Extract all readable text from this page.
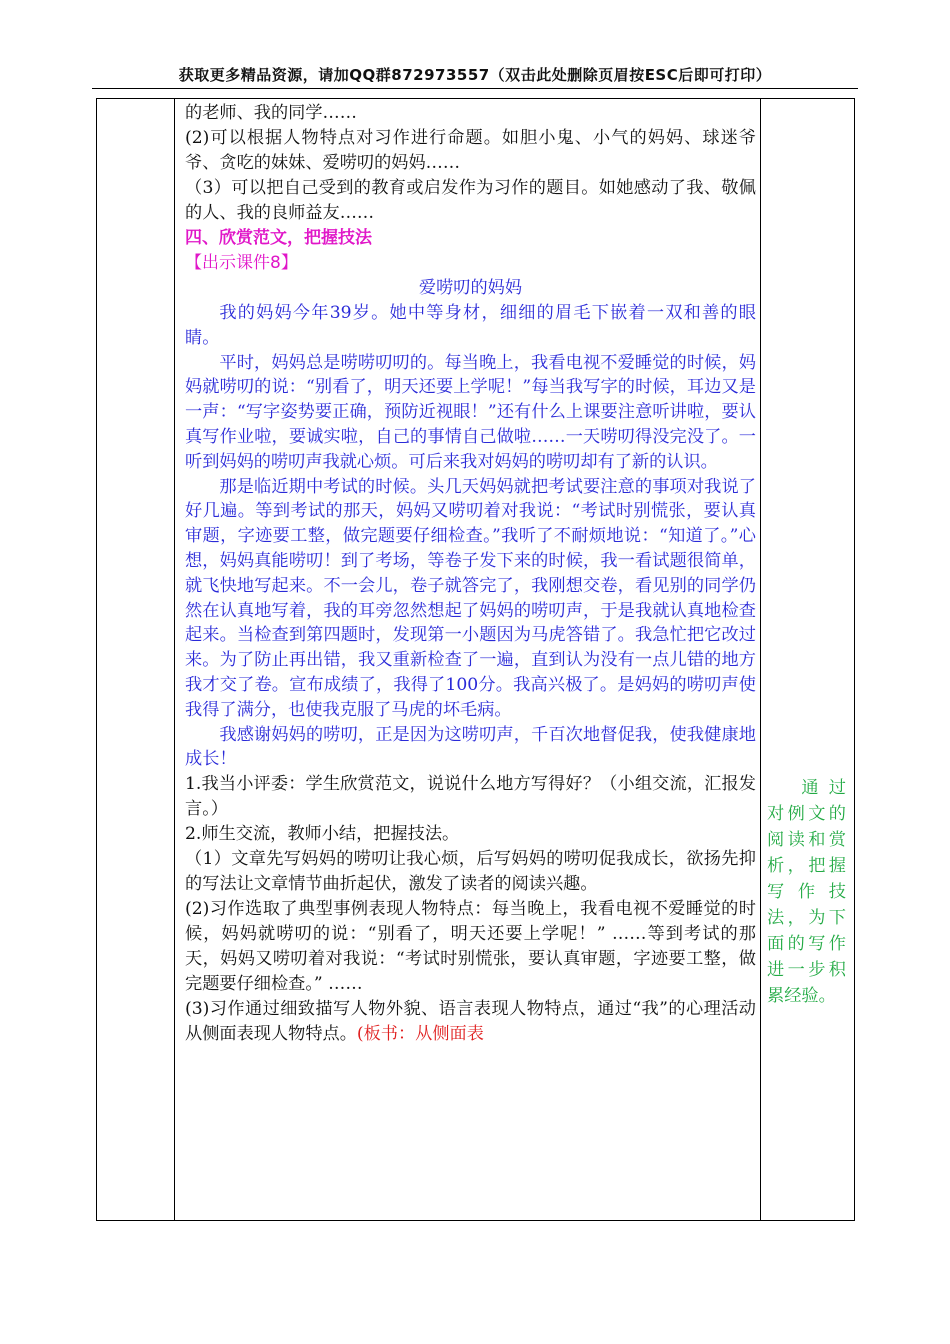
获取更多精品资源，请加QQ群872973557（双击此处删除页眉按ESC后即可打印）

的老师、我的同学……

(2)可以根据人物特点对习作进行命题。如胆小鬼、小气的妈妈、球迷爷爷、贪吃的妹妹、爱唠叨的妈妈……

（3）可以把自己受到的教育或启发作为习作的题目。如她感动了我、敬佩的人、我的良师益友……

四、欣赏范文，把握技法

【出示课件8】

爱唠叨的妈妈

我的妈妈今年39岁。她中等身材，细细的眉毛下嵌着一双和善的眼睛。

平时，妈妈总是唠唠叨叨的。每当晚上，我看电视不爱睡觉的时候，妈妈就唠叨的说：“别看了，明天还要上学呢！”每当我写字的时候，耳边又是一声：“写字姿势要正确，预防近视眼！”还有什么上课要注意听讲啦，要认真写作业啦，要诚实啦，自己的事情自己做啦……一天唠叨得没完没了。一听到妈妈的唠叨声我就心烦。可后来我对妈妈的唠叨却有了新的认识。

那是临近期中考试的时候。头几天妈妈就把考试要注意的事项对我说了好几遍。等到考试的那天，妈妈又唠叨着对我说：“考试时别慌张，要认真审题，字迹要工整，做完题要仔细检查。”我听了不耐烦地说：“知道了。”心想，妈妈真能唠叨！到了考场，等卷子发下来的时候，我一看试题很简单，就飞快地写起来。不一会儿，卷子就答完了，我刚想交卷，看见别的同学仍然在认真地写着，我的耳旁忽然想起了妈妈的唠叨声，于是我就认真地检查起来。当检查到第四题时，发现第一小题因为马虎答错了。我急忙把它改过来。为了防止再出错，我又重新检查了一遍，直到认为没有一点儿错的地方我才交了卷。宣布成绩了，我得了100分。我高兴极了。是妈妈的唠叨声使我得了满分，也使我克服了马虎的坏毛病。

我感谢妈妈的唠叨，正是因为这唠叨声，千百次地督促我，使我健康地成长！

1.我当小评委：学生欣赏范文，说说什么地方写得好？（小组交流，汇报发言。）

2.师生交流，教师小结，把握技法。

（1）文章先写妈妈的唠叨让我心烦，后写妈妈的唠叨促我成长，欲扬先抑的写法让文章情节曲折起伏，激发了读者的阅读兴趣。

(2)习作选取了典型事例表现人物特点：每当晚上，我看电视不爱睡觉的时候，妈妈就唠叨的说：“别看了，明天还要上学呢！” ……等到考试的那天，妈妈又唠叨着对我说：“考试时别慌张，要认真审题，字迹要工整，做完题要仔细检查。” ……

(3)习作通过细致描写人物外貌、语言表现人物特点，通过“我”的心理活动从侧面表现人物特点。(板书：从侧面表

通过对例文的阅读和赏析，把握写作技法，为下面的写作进一步积累经验。
